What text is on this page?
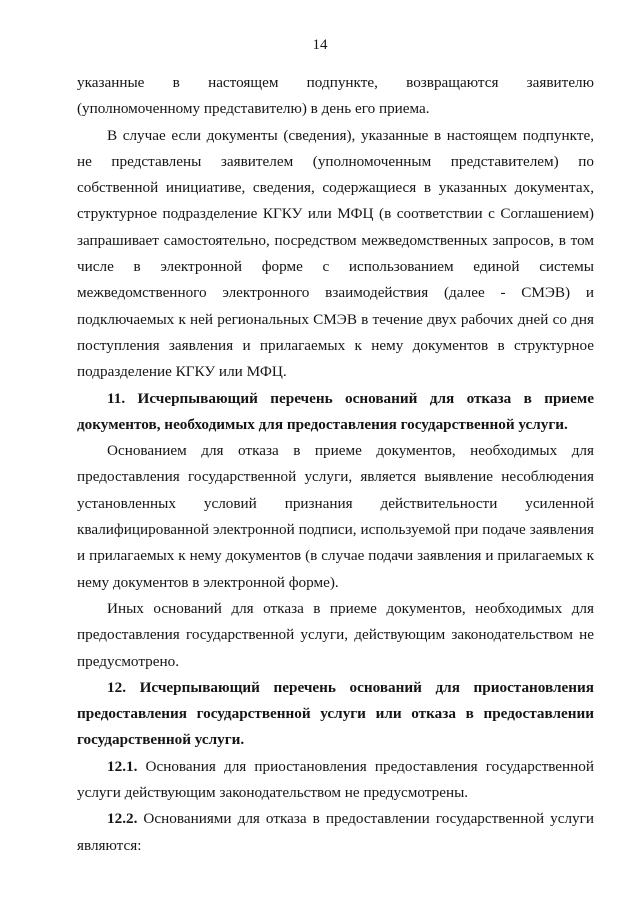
14

указанные в настоящем подпункте, возвращаются заявителю (уполномоченному представителю) в день его приема.

В случае если документы (сведения), указанные в настоящем подпункте, не представлены заявителем (уполномоченным представителем) по собственной инициативе, сведения, содержащиеся в указанных документах, структурное подразделение КГКУ или МФЦ (в соответствии с Соглашением) запрашивает самостоятельно, посредством межведомственных запросов, в том числе в электронной форме с использованием единой системы межведомственного электронного взаимодействия (далее - СМЭВ) и подключаемых к ней региональных СМЭВ в течение двух рабочих дней со дня поступления заявления и прилагаемых к нему документов в структурное подразделение КГКУ или МФЦ.

11. Исчерпывающий перечень оснований для отказа в приеме документов, необходимых для предоставления государственной услуги.

Основанием для отказа в приеме документов, необходимых для предоставления государственной услуги, является выявление несоблюдения установленных условий признания действительности усиленной квалифицированной электронной подписи, используемой при подаче заявления и прилагаемых к нему документов (в случае подачи заявления и прилагаемых к нему документов в электронной форме).

Иных оснований для отказа в приеме документов, необходимых для предоставления государственной услуги, действующим законодательством не предусмотрено.

12. Исчерпывающий перечень оснований для приостановления предоставления государственной услуги или отказа в предоставлении государственной услуги.

12.1. Основания для приостановления предоставления государственной услуги действующим законодательством не предусмотрены.

12.2. Основаниями для отказа в предоставлении государственной услуги являются:
